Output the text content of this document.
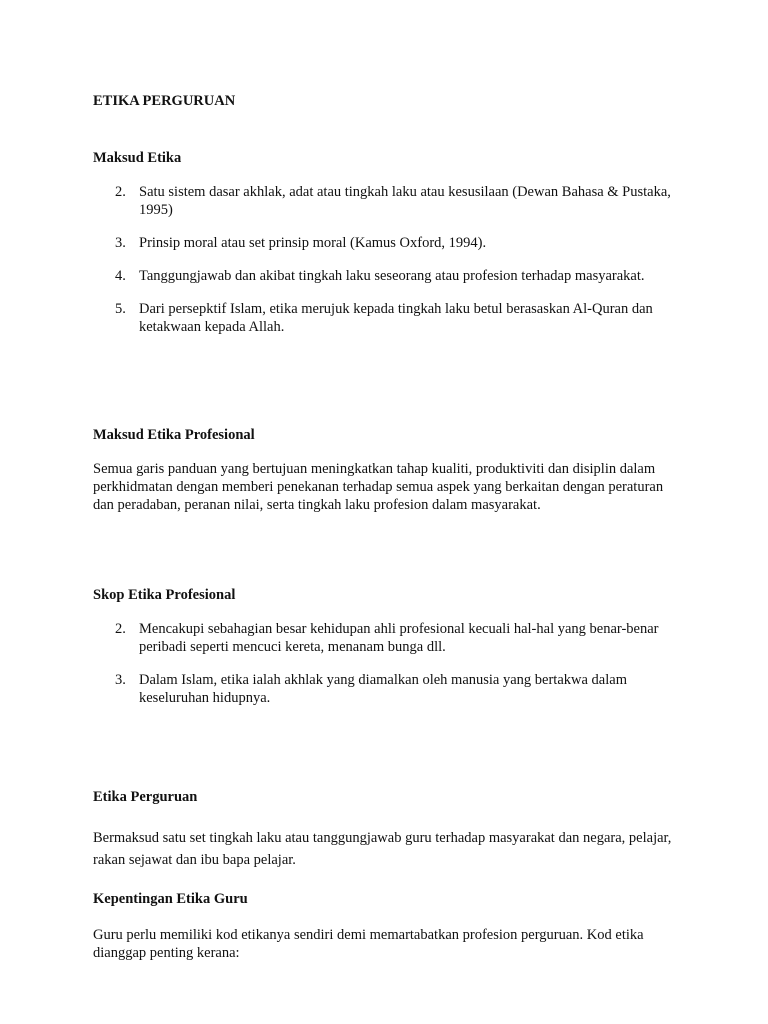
ETIKA PERGURUAN
Maksud Etika
2. Satu sistem dasar akhlak, adat atau tingkah laku atau kesusilaan (Dewan Bahasa & Pustaka, 1995)
3. Prinsip moral atau set prinsip moral (Kamus Oxford, 1994).
4. Tanggungjawab dan akibat tingkah laku seseorang atau profesion terhadap masyarakat.
5. Dari persepktif Islam, etika merujuk kepada tingkah laku betul berasaskan Al-Quran dan ketakwaan kepada Allah.
Maksud Etika Profesional
Semua garis panduan yang bertujuan meningkatkan tahap kualiti, produktiviti dan disiplin dalam perkhidmatan dengan memberi penekanan terhadap semua aspek yang berkaitan dengan peraturan dan peradaban, peranan nilai, serta tingkah laku profesion dalam masyarakat.
Skop Etika Profesional
2. Mencakupi sebahagian besar kehidupan ahli profesional kecuali hal-hal yang benar-benar peribadi seperti mencuci kereta, menanam bunga dll.
3. Dalam Islam, etika ialah akhlak yang diamalkan oleh manusia yang bertakwa dalam keseluruhan hidupnya.
Etika Perguruan
Bermaksud satu set tingkah laku atau tanggungjawab guru terhadap masyarakat dan negara, pelajar, rakan sejawat dan ibu bapa pelajar.
Kepentingan Etika Guru
Guru perlu memiliki kod etikanya sendiri demi memartabatkan profesion perguruan. Kod etika dianggap penting kerana:
